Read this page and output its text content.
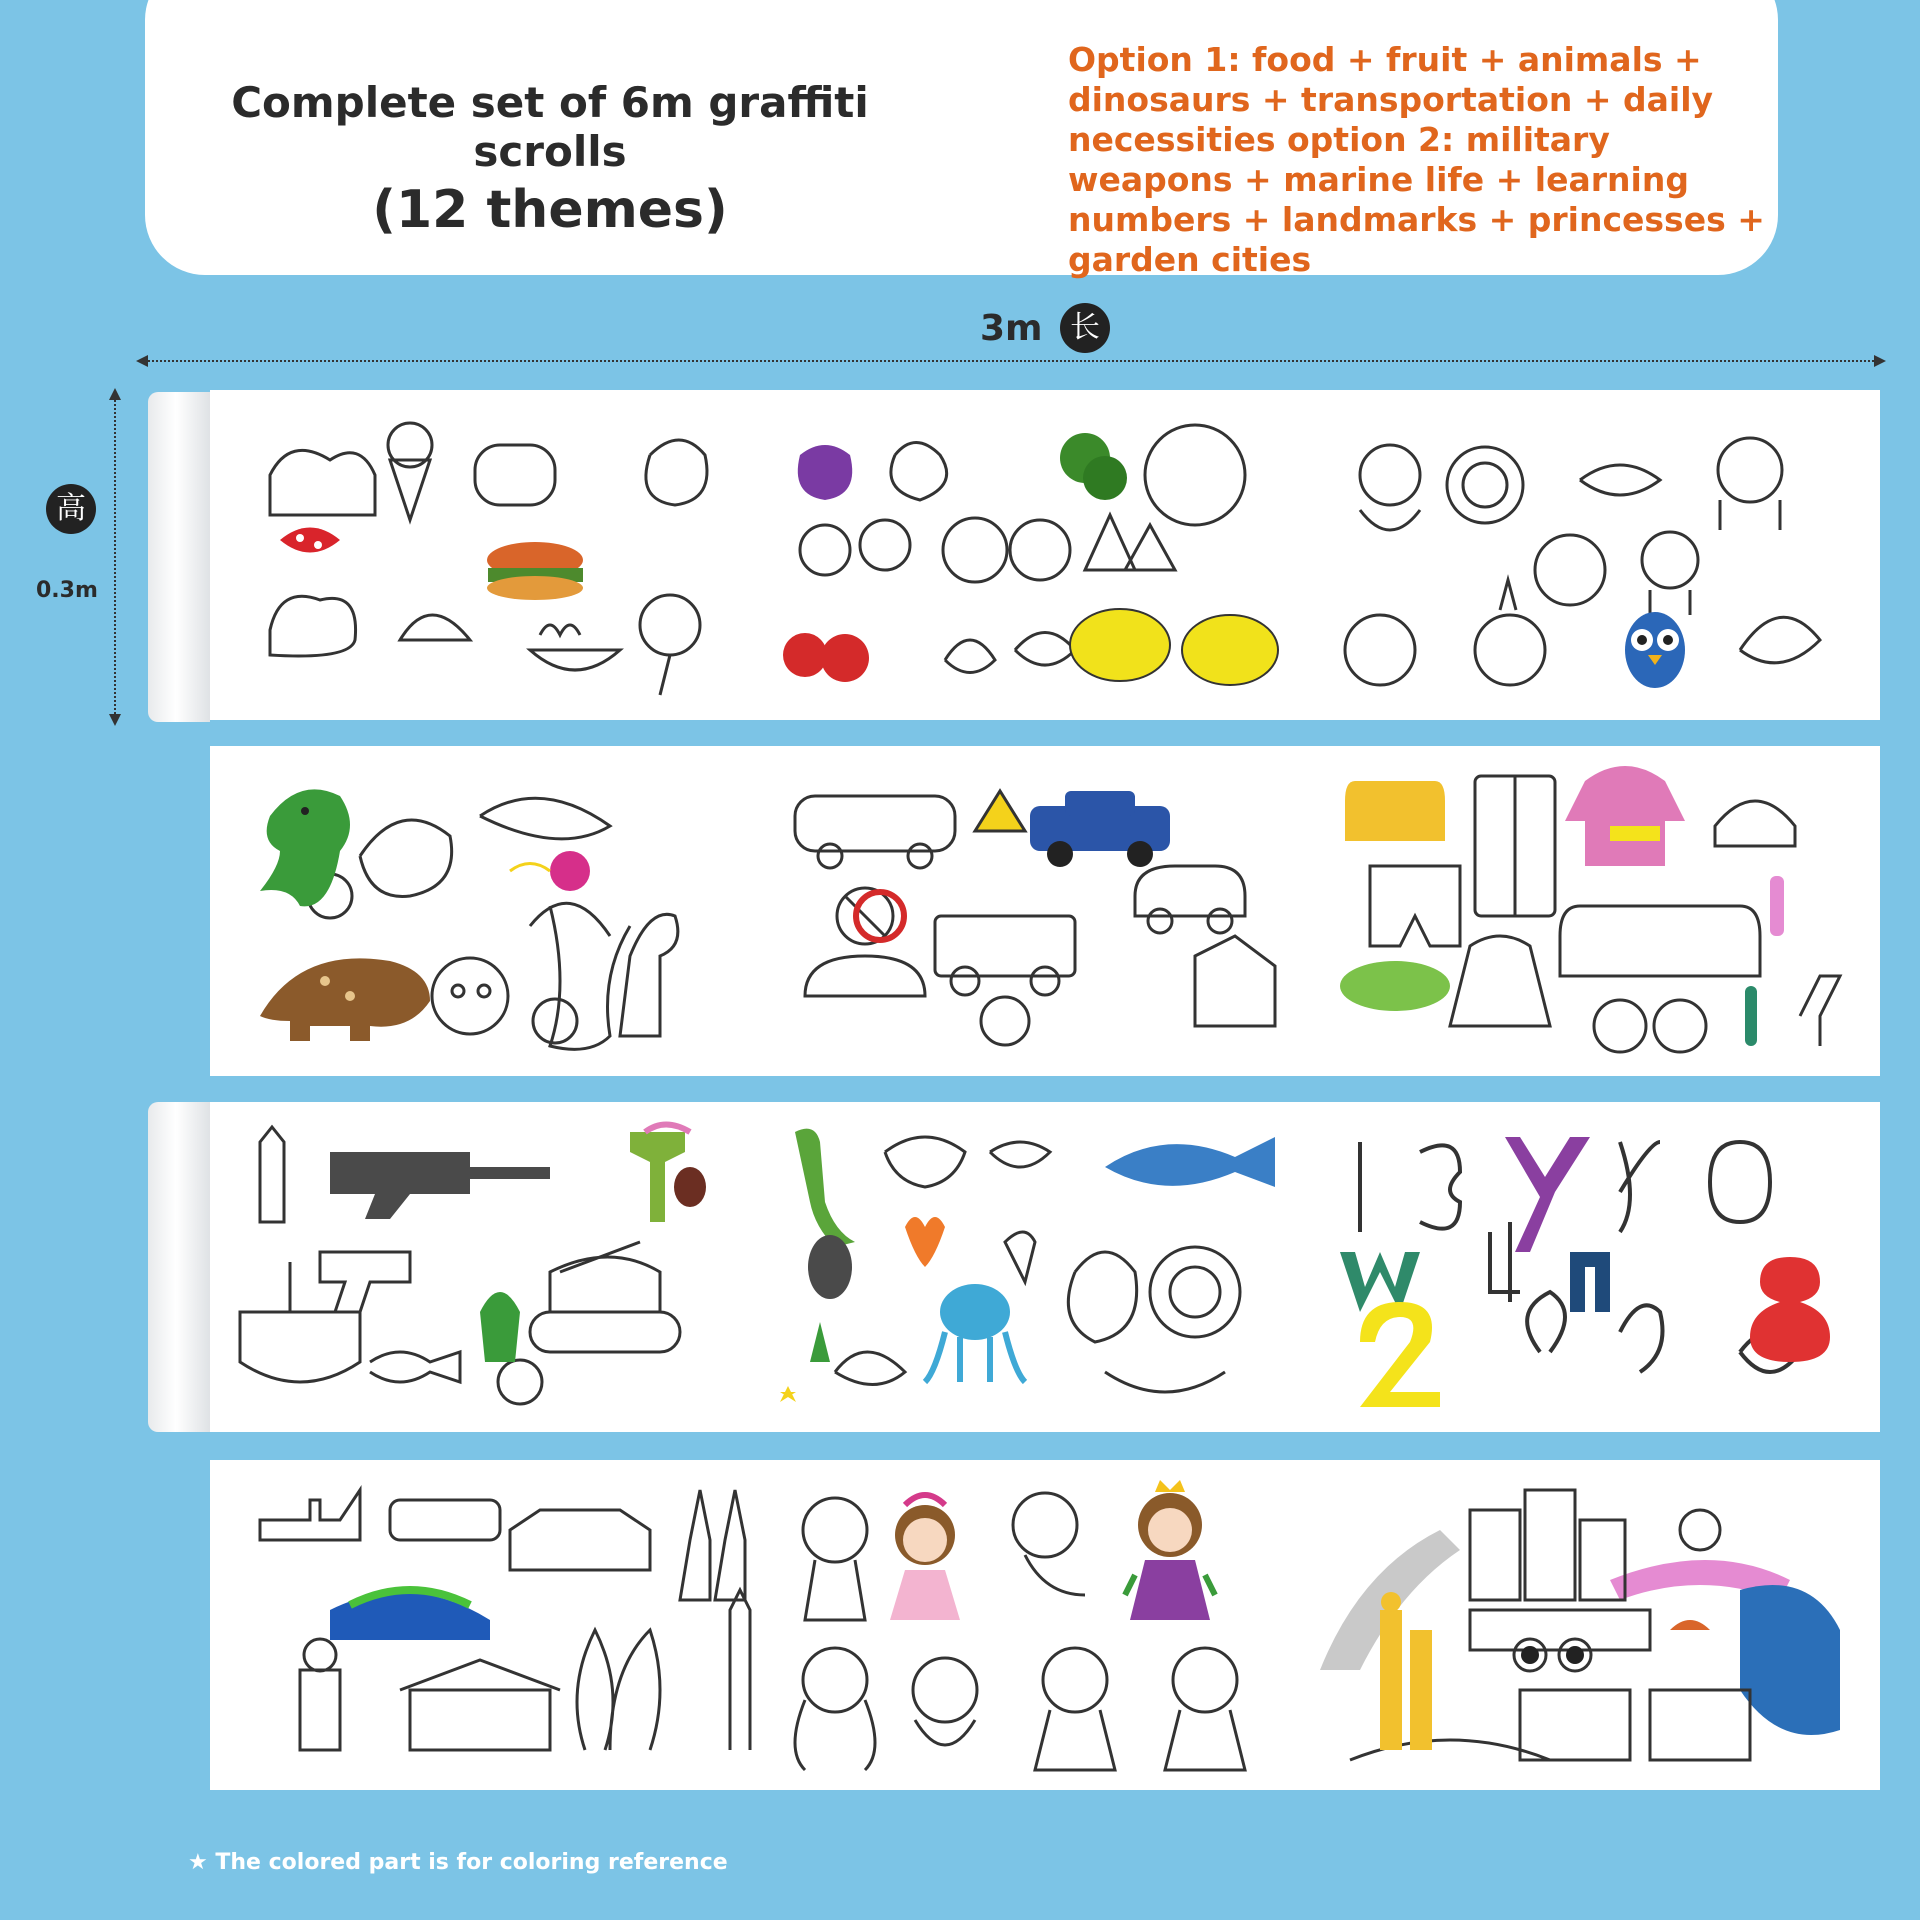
Complete set of 6m graffiti scrolls
(12 themes)
Option 1: food + fruit + animals + dinosaurs + transportation + daily necessities option 2: military weapons + marine life + learning numbers + landmarks + princesses + garden cities
3m 长
高
0.3m
★ The colored part is for coloring reference
